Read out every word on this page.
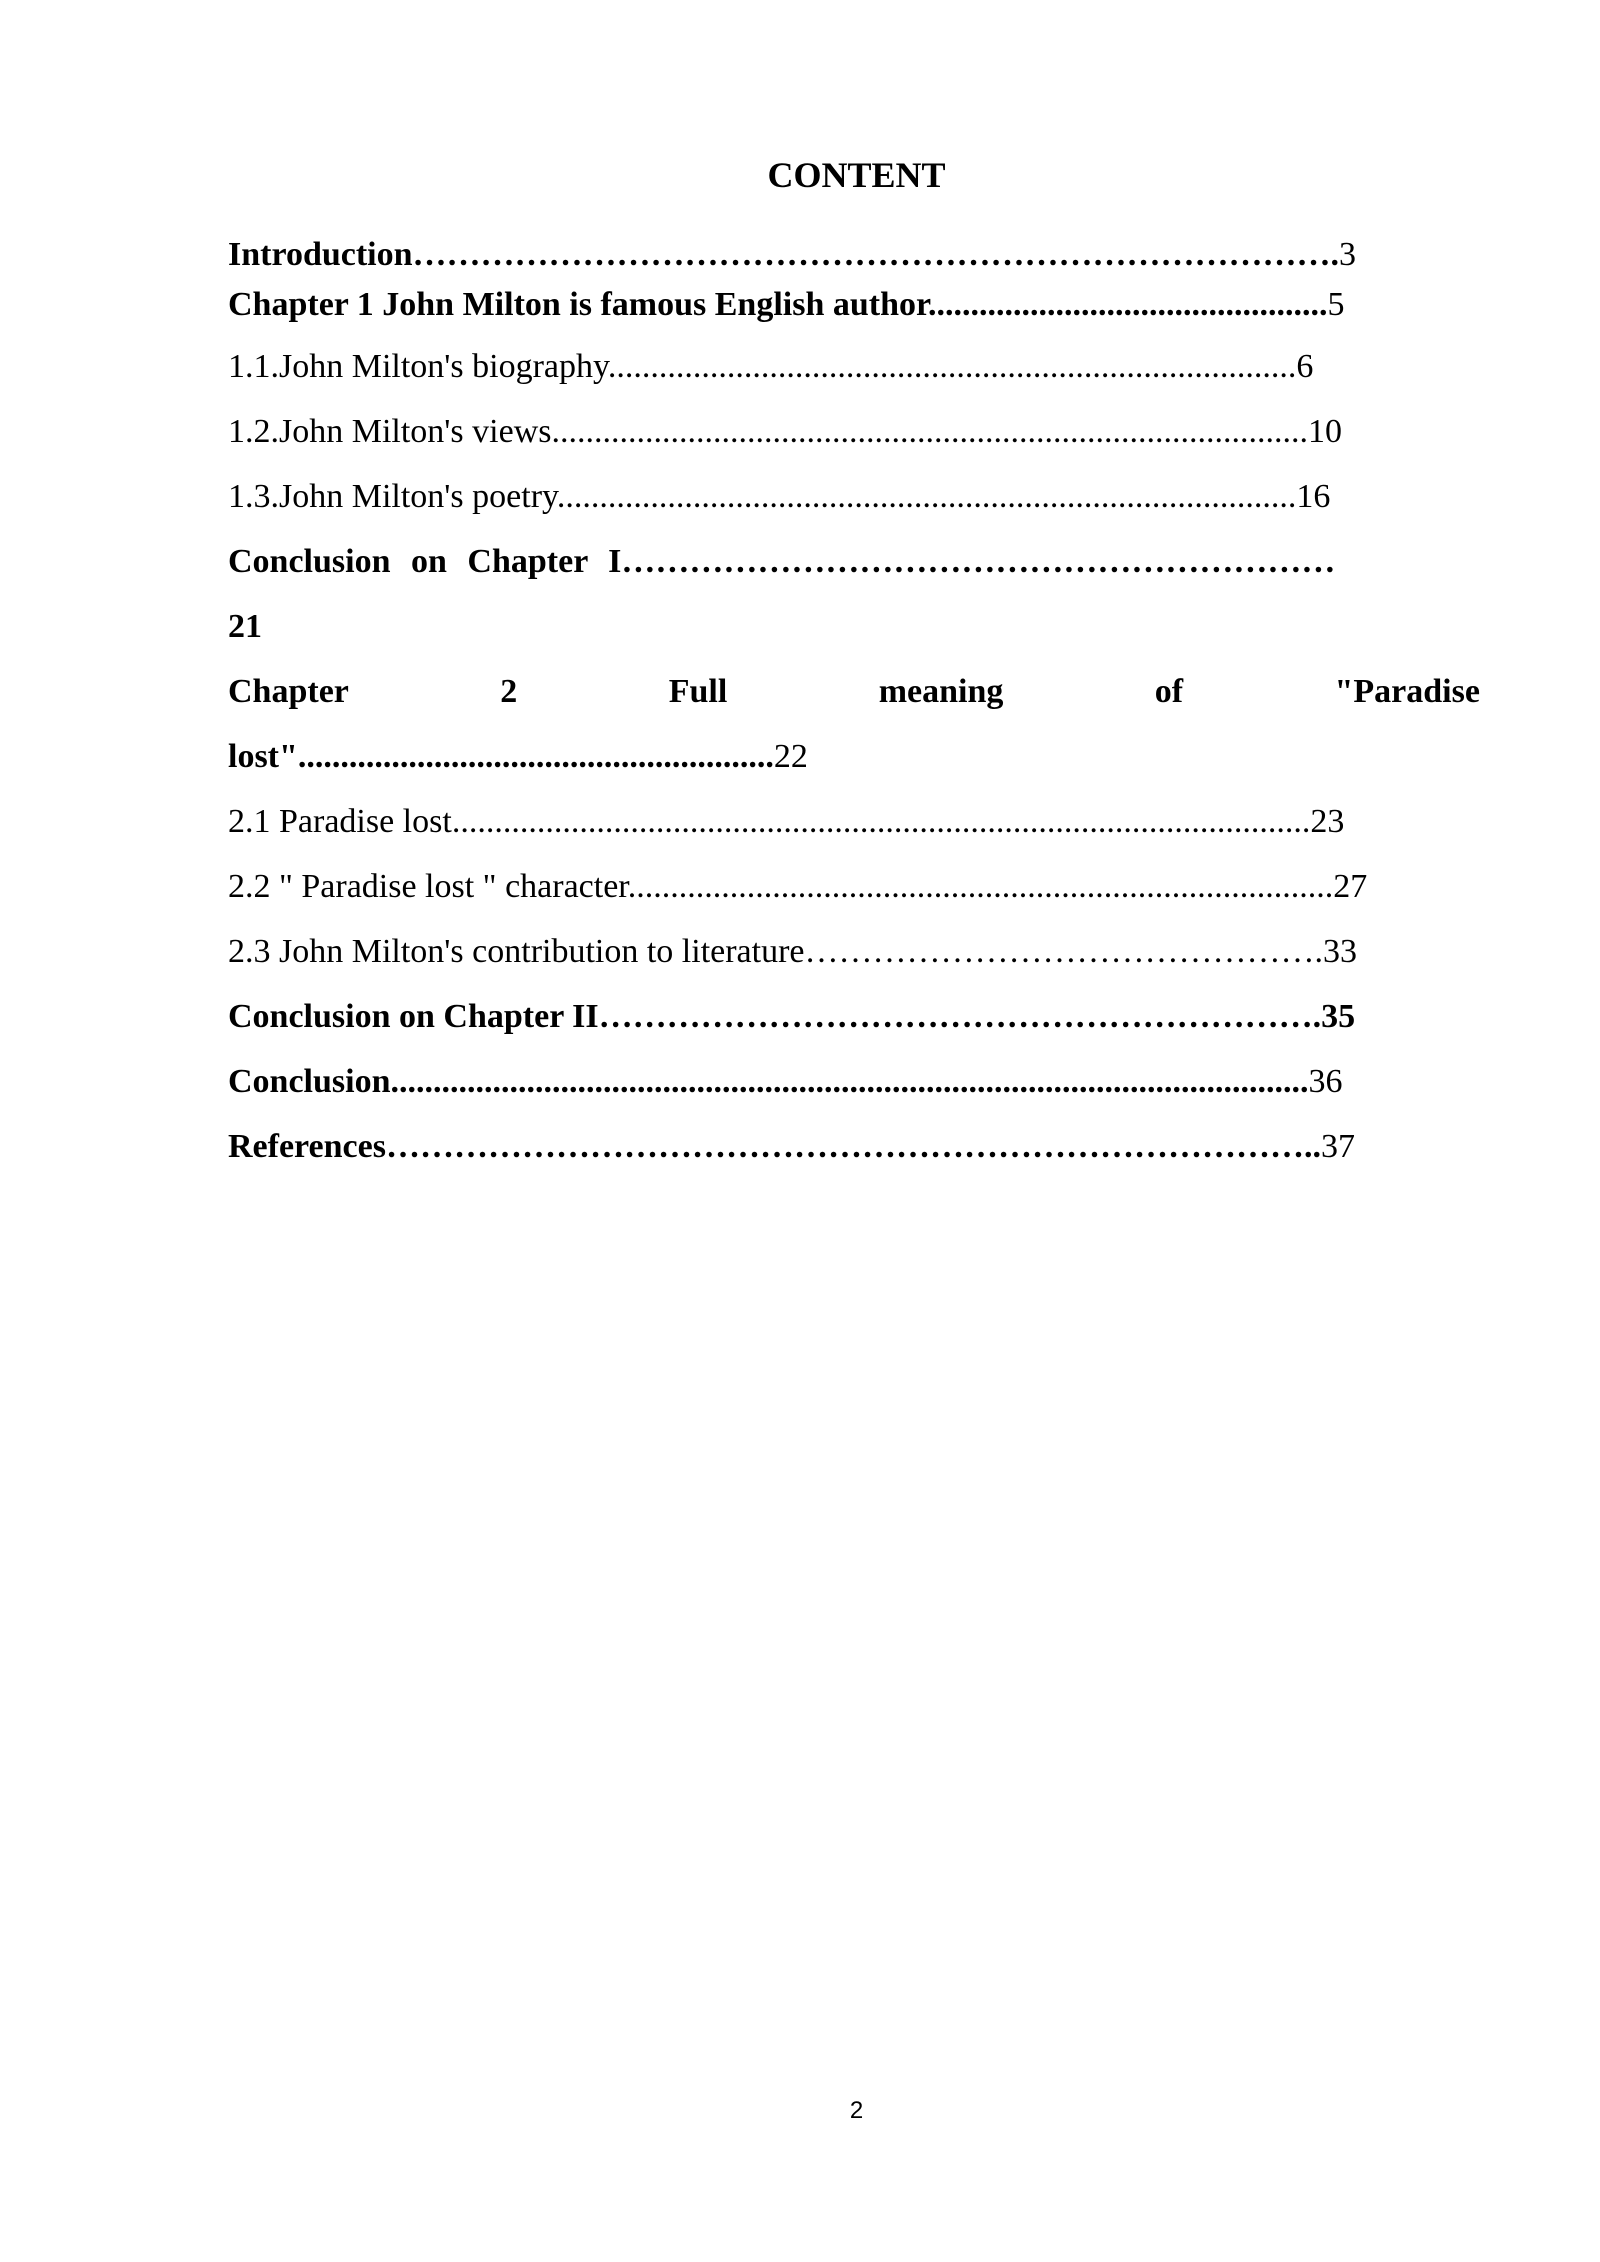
CONTENT
Introduction……………………………………………………………………….3
Chapter 1 John Milton is famous English author...............................................5
1.1.John Milton's biography.................................................................................6
1.2.John Milton's views.........................................................................................10
1.3.John Milton's poetry.......................................................................................16
Conclusion on Chapter I………………………………………………………
21
Chapter	2	Full	meaning	of	"Paradise
lost"........................................................22
2.1 Paradise lost.....................................................................................................23
2.2 " Paradise lost " character...................................................................................27
2.3 John Milton's contribution to literature……………………………………….33
Conclusion on Chapter II……………………………………………………….35
Conclusion............................................................................................................36
References………………………………………………………………………..37
2
